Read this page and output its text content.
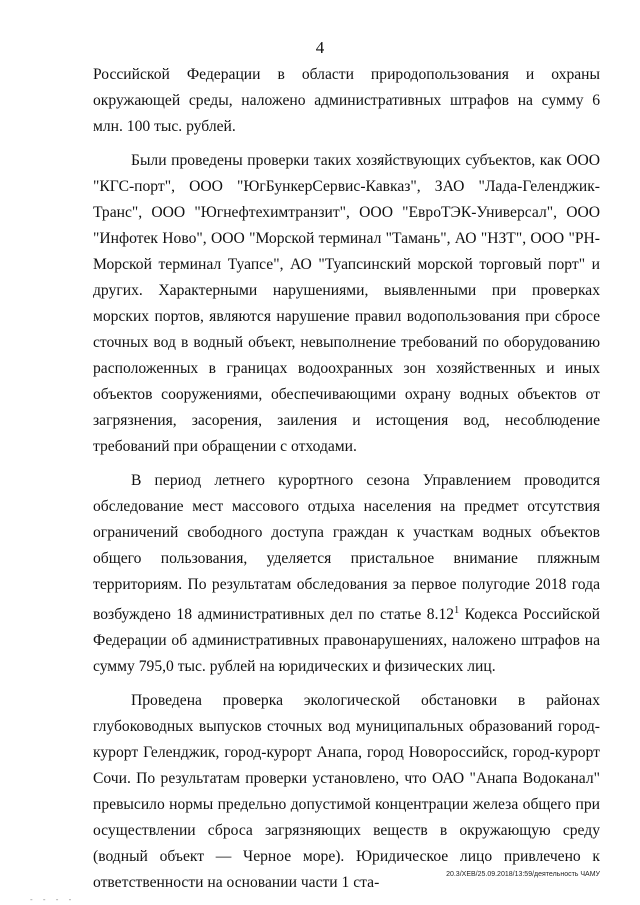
4

Российской Федерации в области природопользования и охраны окружающей среды, наложено административных штрафов на сумму 6 млн. 100 тыс. рублей.

Были проведены проверки таких хозяйствующих субъектов, как ООО "КГС-порт", ООО "ЮгБункерСервис-Кавказ", ЗАО "Лада-Геленджик-Транс", ООО "Югнефтехимтранзит", ООО "ЕвроТЭК-Универсал", ООО "Инфотек Ново", ООО "Морской терминал "Тамань", АО "НЗТ", ООО "РН-Морской терминал Туапсе", АО "Туапсинский морской торговый порт" и других. Характерными нарушениями, выявленными при проверках морских портов, являются нарушение правил водопользования при сбросе сточных вод в водный объект, невыполнение требований по оборудованию расположенных в границах водоохранных зон хозяйственных и иных объектов сооружениями, обеспечивающими охрану водных объектов от загрязнения, засорения, заиления и истощения вод, несоблюдение требований при обращении с отходами.

В период летнего курортного сезона Управлением проводится обследование мест массового отдыха населения на предмет отсутствия ограничений свободного доступа граждан к участкам водных объектов общего пользования, уделяется пристальное внимание пляжным территориям. По результатам обследования за первое полугодие 2018 года возбуждено 18 административных дел по статье 8.12$^1$ Кодекса Российской Федерации об административных правонарушениях, наложено штрафов на сумму 795,0 тыс. рублей на юридических и физических лиц.

Проведена проверка экологической обстановки в районах глубоководных выпусков сточных вод муниципальных образований город-курорт Геленджик, город-курорт Анапа, город Новороссийск, город-курорт Сочи. По результатам проверки установлено, что ОАО "Анапа Водоканал" превысило нормы предельно допустимой концентрации железа общего при осуществлении сброса загрязняющих веществ в окружающую среду (водный объект — Черное море). Юридическое лицо привлечено к ответственности на основании части 1 ста-	20.3/ХЕВ/25.09.2018/13:59/деятельность ЧАМУ
- - - -
